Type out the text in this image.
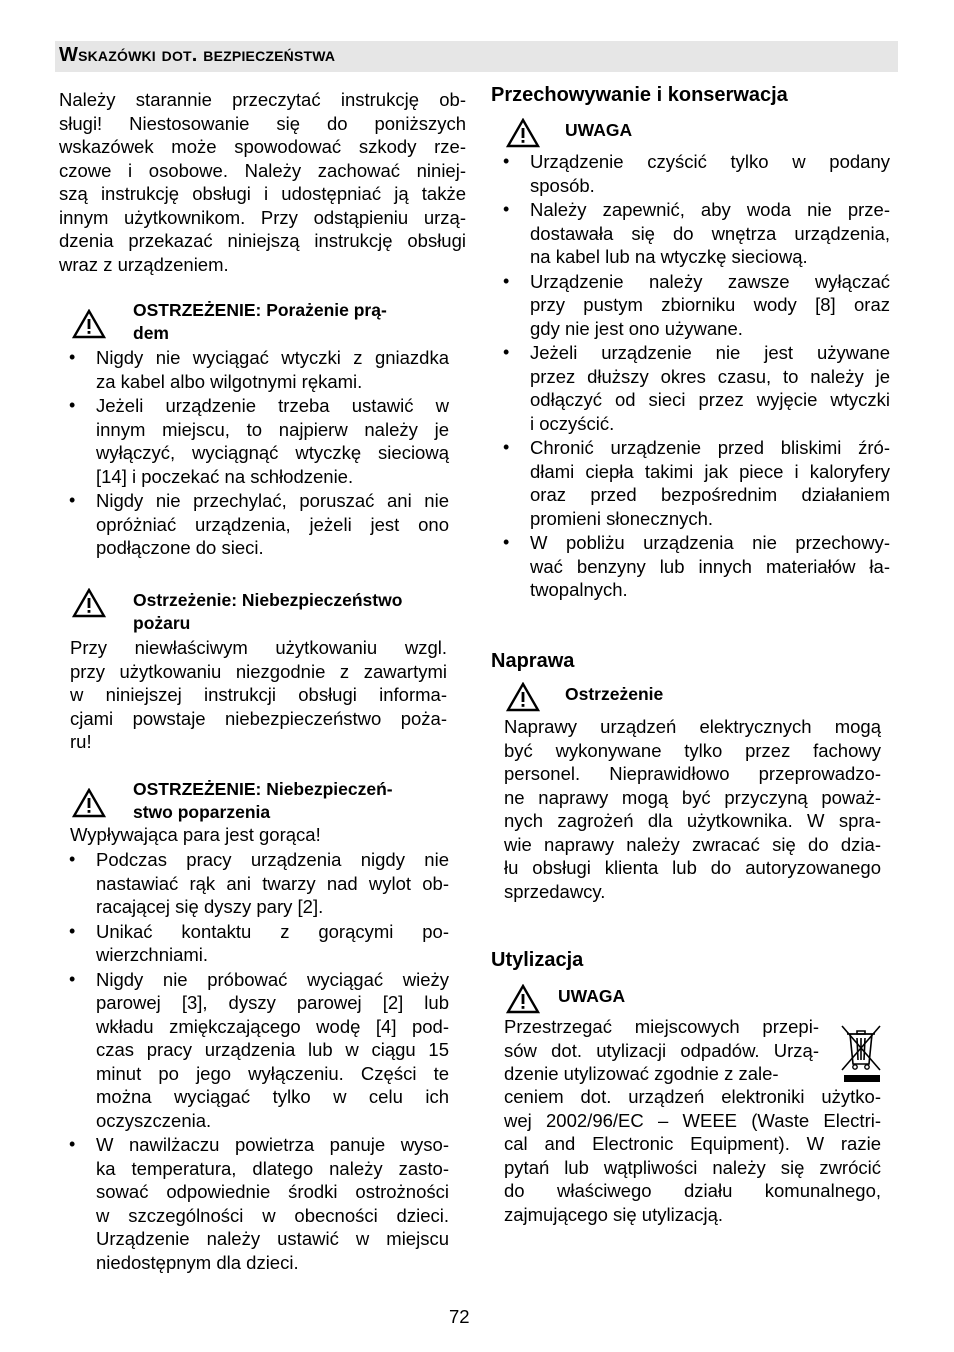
Wskazówki dot. bezpieczeństwa
Należy starannie przeczytać instrukcję ob-
sługi! Niestosowanie się do poniższych
wskazówek może spowodować szkody rze-
czowe i osobowe. Należy zachować niniej-
szą instrukcję obsługi i udostępniać ją także
innym użytkownikom. Przy odstąpieniu urzą-
dzenia przekazać niniejszą instrukcję obsługi
wraz z urządzeniem.
OSTRZEŻENIE: Porażenie prą-
dem
• Nigdy nie wyciągać wtyczki z gniazdka
za kabel albo wilgotnymi rękami.
• Jeżeli urządzenie trzeba ustawić w
innym miejscu, to najpierw należy je
wyłączyć, wyciągnąć wtyczkę sieciową
[14] i poczekać na schłodzenie.
• Nigdy nie przechylać, poruszać ani nie
opróżniać urządzenia, jeżeli jest ono
podłączone do sieci.
Ostrzeżenie: Niebezpieczeństwo
pożaru
Przy niewłaściwym użytkowaniu wzgl.
przy użytkowaniu niezgodnie z zawartymi
w niniejszej instrukcji obsługi informa-
cjami powstaje niebezpieczeństwo poża-
ru!
OSTRZEŻENIE: Niebezpieczeń-
stwo poparzenia
Wypływająca para jest gorąca!
• Podczas pracy urządzenia nigdy nie
nastawiać rąk ani twarzy nad wylot ob-
racającej się dyszy pary [2].
• Unikać kontaktu z gorącymi po-
wierzchniami.
• Nigdy nie próbować wyciągać wieży
parowej [3], dyszy parowej [2] lub
wkładu zmiękczającego wodę [4] pod-
czas pracy urządzenia lub w ciągu 15
minut po jego wyłączeniu. Części te
można wyciągać tylko w celu ich
oczyszczenia.
• W nawilżaczu powietrza panuje wyso-
ka temperatura, dlatego należy zasto-
sować odpowiednie środki ostrożności
w szczególności w obecności dzieci.
Urządzenie należy ustawić w miejscu
niedostępnym dla dzieci.
Przechowywanie i konserwacja
UWAGA
• Urządzenie czyścić tylko w podany
sposób.
• Należy zapewnić, aby woda nie prze-
dostawała się do wnętrza urządzenia,
na kabel lub na wtyczkę sieciową.
• Urządzenie należy zawsze wyłączać
przy pustym zbiorniku wody [8] oraz
gdy nie jest ono używane.
• Jeżeli urządzenie nie jest używane
przez dłuższy okres czasu, to należy je
odłączyć od sieci przez wyjęcie wtyczki
i oczyścić.
• Chronić urządzenie przed bliskimi źró-
dłami ciepła takimi jak piece i kaloryfery
oraz przed bezpośrednim działaniem
promieni słonecznych.
• W pobliżu urządzenia nie przechowy-
wać benzyny lub innych materiałów ła-
twopalnych.
Naprawa
Ostrzeżenie
Naprawy urządzeń elektrycznych mogą
być wykonywane tylko przez fachowy
personel. Nieprawidłowo przeprowadzo-
ne naprawy mogą być przyczyną poważ-
nych zagrożeń dla użytkownika. W spra-
wie naprawy należy zwracać się do dzia-
łu obsługi klienta lub do autoryzowanego
sprzedawcy.
Utylizacja
UWAGA
Przestrzegać miejscowych przepi-
sów dot. utylizacji odpadów. Urzą-
dzenie utylizować zgodnie z zale-
ceniem dot. urządzeń elektroniki użytko-
wej 2002/96/EC – WEEE (Waste Electri-
cal and Electronic Equipment). W razie
pytań lub wątpliwości należy się zwrócić
do właściwego działu komunalnego,
zajmującego się utylizacją.
72
